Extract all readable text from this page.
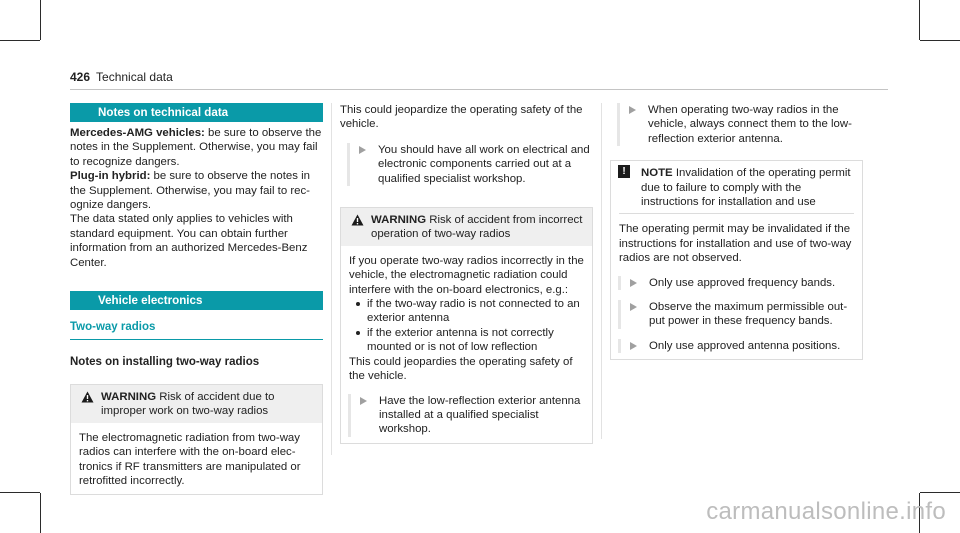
426 Technical data
Notes on technical data

Mercedes-AMG vehicles: be sure to observe the notes in the Supplement. Otherwise, you may fail to recognize dangers.

Plug-in hybrid: be sure to observe the notes in the Supplement. Otherwise, you may fail to recognize dangers.

The data stated only applies to vehicles with standard equipment. You can obtain further information from an authorized Mercedes-Benz Center.

Vehicle electronics
Two-way radios
Notes on installing two-way radios
WARNING Risk of accident due to improper work on two-way radios
The electromagnetic radiation from two-way radios can interfere with the on-board electronics if RF transmitters are manipulated or retrofitted incorrectly.

This could jeopardize the operating safety of the vehicle.

You should have all work on electrical and electronic components carried out at a qualified specialist workshop.
WARNING Risk of accident from incorrect operation of two-way radios

If you operate two-way radios incorrectly in the vehicle, the electromagnetic radiation could interfere with the on-board electronics, e.g.:

if the two-way radio is not connected to an exterior antenna
if the exterior antenna is not correctly mounted or is not of low reflection

This could jeopardies the operating safety of the vehicle.

Have the low-reflection exterior antenna installed at a qualified specialist workshop.
When operating two-way radios in the vehicle, always connect them to the low-reflection exterior antenna.
!	NOTE Invalidation of the operating permit due to failure to comply with the instructions for installation and use

The operating permit may be invalidated if the instructions for installation and use of two-way radios are not observed.

Only use approved frequency bands.
Observe the maximum permissible output power in these frequency bands.
Only use approved antenna positions.
carmanualsonline.info
